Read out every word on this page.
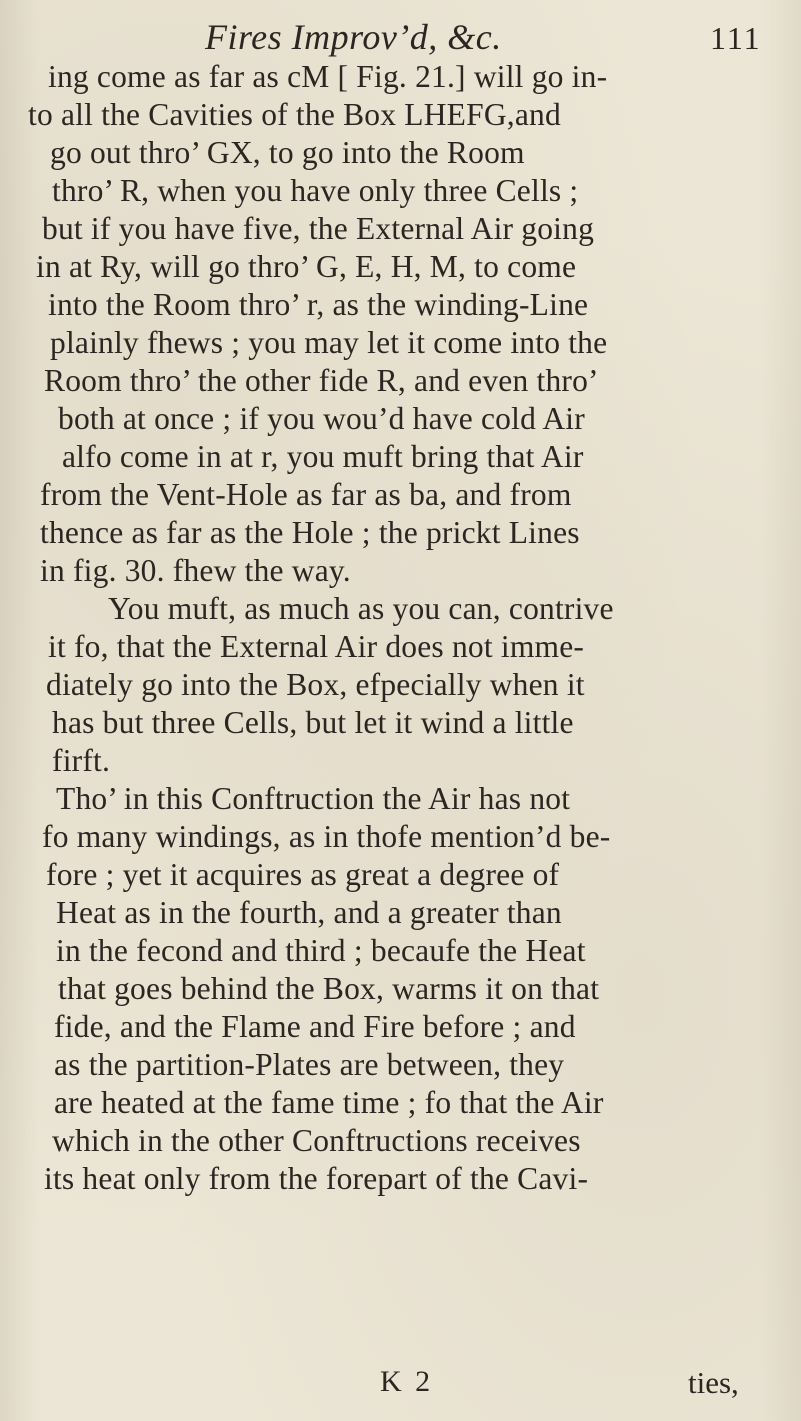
Fires Improv’d, &c.	111
ing come as far as cM [ Fig. 21.] will go in-
to all the Cavities of the Box LHEFG,and
go out thro’ GX, to go into the Room
thro’ R, when you have only three Cells ;
but if you have five, the External Air going
in at Ry, will go thro’ G, E, H, M, to come
into the Room thro’ r, as the winding-Line
plainly fhews ; you may let it come into the
Room thro’ the other fide R, and even thro’
both at once ; if you wou’d have cold Air
alfo come in at r, you muft bring that Air
from the Vent-Hole as far as ba, and from
thence as far as the Hole ; the prickt Lines
in fig. 30. fhew the way.
You muft, as much as you can, contrive
it fo, that the External Air does not imme-
diately go into the Box, efpecially when it
has but three Cells, but let it wind a little
firft.
Tho’ in this Conftruction the Air has not
fo many windings, as in thofe mention’d be-
fore ; yet it acquires as great a degree of
Heat as in the fourth, and a greater than
in the fecond and third ; becaufe the Heat
that goes behind the Box, warms it on that
fide, and the Flame and Fire before ; and
as the partition-Plates are between, they
are heated at the fame time ; fo that the Air
which in the other Conftructions receives
its heat only from the forepart of the Cavi-
K 2	ties,
